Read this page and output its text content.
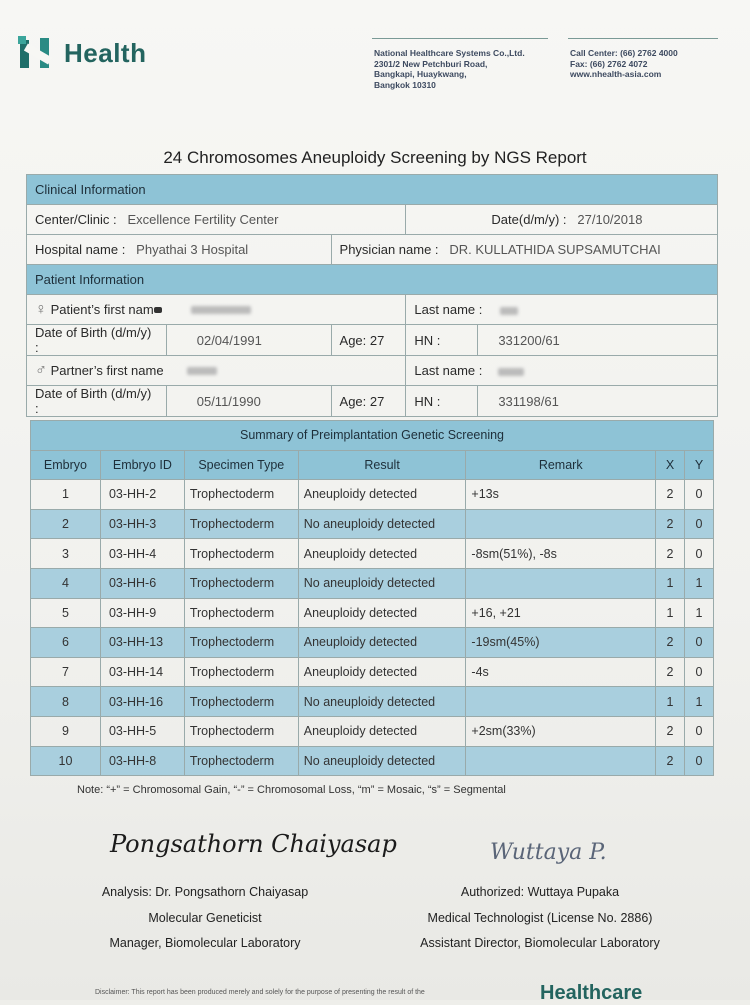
Health	National Healthcare Systems Co.,Ltd.
2301/2 New Petchburi Road,
Bangkapi, Huaykwang,
Bangkok 10310
Call Center: (66) 2762 4000
Fax: (66) 2762 4072
www.nhealth-asia.com
24 Chromosomes Aneuploidy Screening by NGS Report
Clinical Information				
Center/Clinic : Excellence Fertility Center			Date(d/m/y) : 27/10/2018	
Hospital name : Phyathai 3 Hospital		Physician name : DR. KULLATHIDA SUPSAMUTCHAI		
Patient Information				
♀ Patient’s first nam			Last name :	
Date of Birth (d/m/y) :	02/04/1991	Age: 27	HN :	331200/61
♂ Partner’s first name			Last name :	
Date of Birth (d/m/y) :	05/11/1990	Age: 27	HN :	331198/61
Summary of Preimplantation Genetic Screening						
Embryo	Embryo ID	Specimen Type	Result	Remark	X	Y
1	03-HH-2	Trophectoderm	Aneuploidy detected	+13s	2	0
2	03-HH-3	Trophectoderm	No aneuploidy detected		2	0
3	03-HH-4	Trophectoderm	Aneuploidy detected	-8sm(51%), -8s	2	0
4	03-HH-6	Trophectoderm	No aneuploidy detected		1	1
5	03-HH-9	Trophectoderm	Aneuploidy detected	+16, +21	1	1
6	03-HH-13	Trophectoderm	Aneuploidy detected	-19sm(45%)	2	0
7	03-HH-14	Trophectoderm	Aneuploidy detected	-4s	2	0
8	03-HH-16	Trophectoderm	No aneuploidy detected		1	1
9	03-HH-5	Trophectoderm	Aneuploidy detected	+2sm(33%)	2	0
10	03-HH-8	Trophectoderm	No aneuploidy detected		2	0
Note: “+” = Chromosomal Gain, “-” = Chromosomal Loss, “m” = Mosaic, “s” = Segmental
Pongsathorn Chaiyasap	Wuttaya P.
Analysis: Dr. Pongsathorn Chaiyasap
Molecular Geneticist
Manager, Biomolecular Laboratory
Authorized: Wuttaya Pupaka
Medical Technologist (License No. 2886)
Assistant Director, Biomolecular Laboratory
Disclaimer: This report has been produced merely and solely for the purpose of presenting the result of the	Healthcare
